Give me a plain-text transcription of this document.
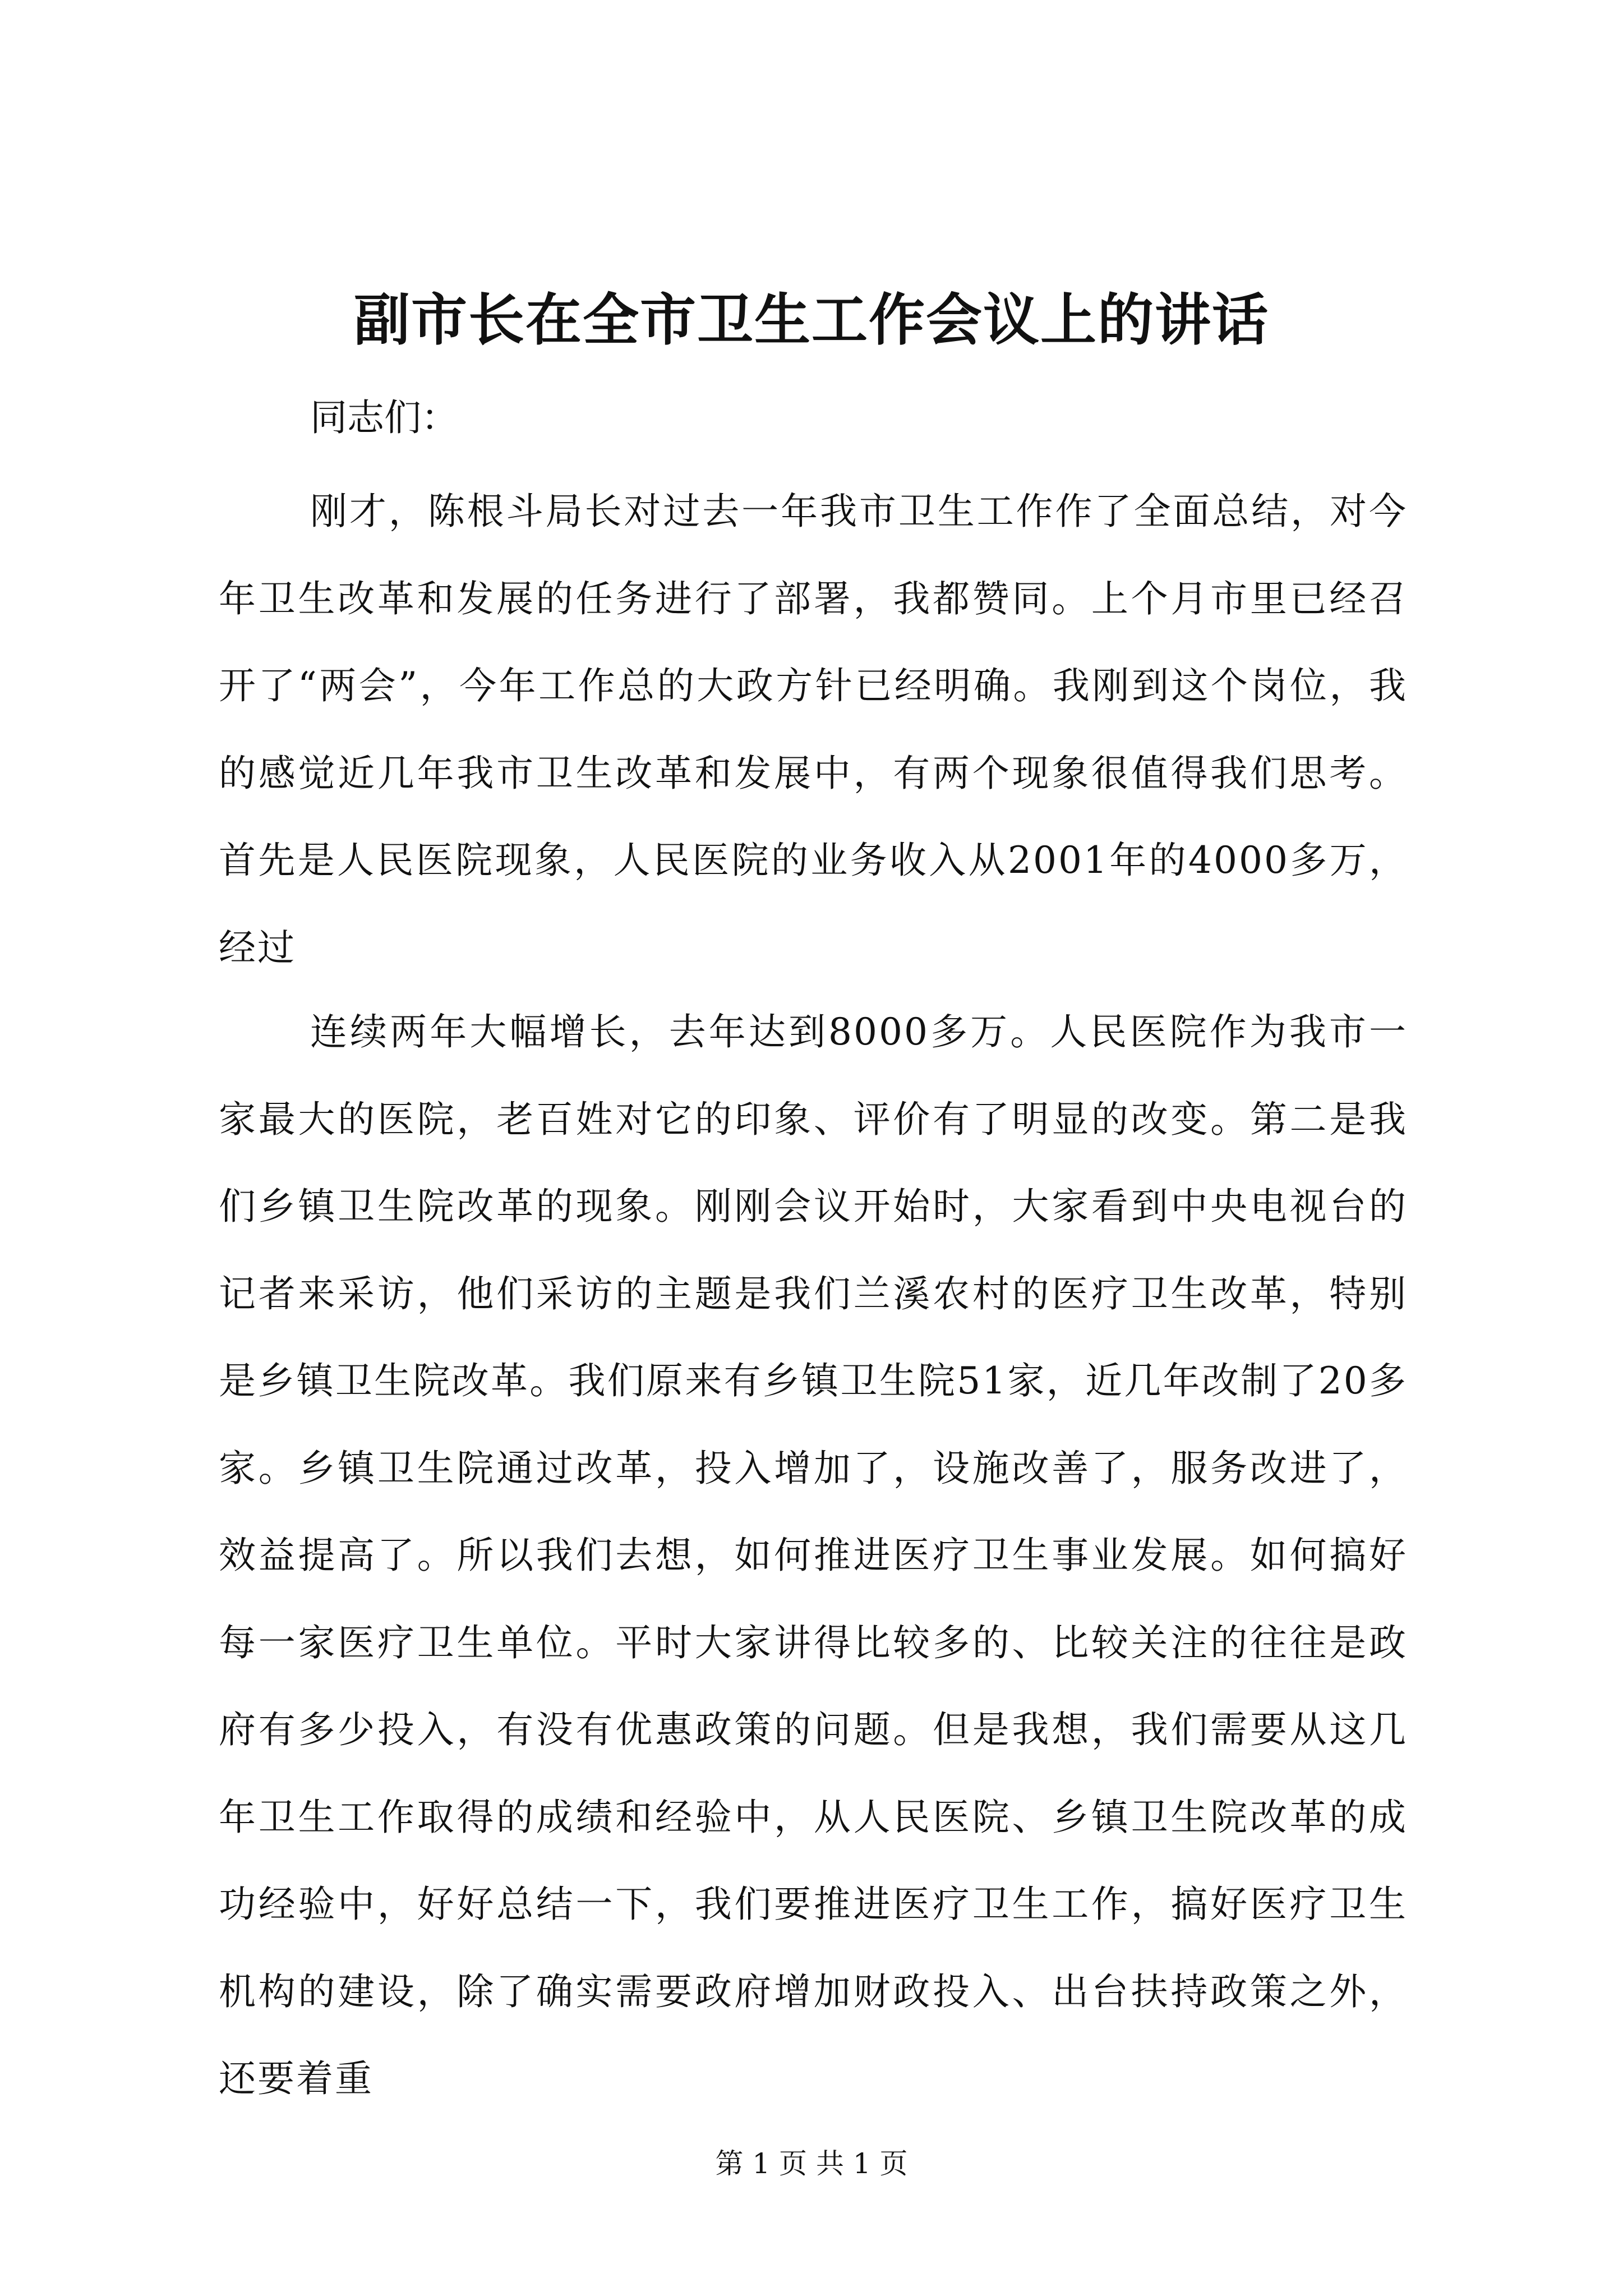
副市长在全市卫生工作会议上的讲话

同志们：

刚才，陈根斗局长对过去一年我市卫生工作作了全面总结，对今年卫生改革和发展的任务进行了部署，我都赞同。上个月市里已经召开了“两会”，今年工作总的大政方针已经明确。我刚到这个岗位，我的感觉近几年我市卫生改革和发展中，有两个现象很值得我们思考。首先是人民医院现象，人民医院的业务收入从2001年的4000多万，经过

连续两年大幅增长，去年达到8000多万。人民医院作为我市一家最大的医院，老百姓对它的印象、评价有了明显的改变。第二是我们乡镇卫生院改革的现象。刚刚会议开始时，大家看到中央电视台的记者来采访，他们采访的主题是我们兰溪农村的医疗卫生改革，特别是乡镇卫生院改革。我们原来有乡镇卫生院51家，近几年改制了20多家。乡镇卫生院通过改革，投入增加了，设施改善了，服务改进了，效益提高了。所以我们去想，如何推进医疗卫生事业发展。如何搞好每一家医疗卫生单位。平时大家讲得比较多的、比较关注的往往是政府有多少投入，有没有优惠政策的问题。但是我想，我们需要从这几年卫生工作取得的成绩和经验中，从人民医院、乡镇卫生院改革的成功经验中，好好总结一下，我们要推进医疗卫生工作，搞好医疗卫生机构的建设，除了确实需要政府增加财政投入、出台扶持政策之外，还要着重

第 1 页 共 1 页
